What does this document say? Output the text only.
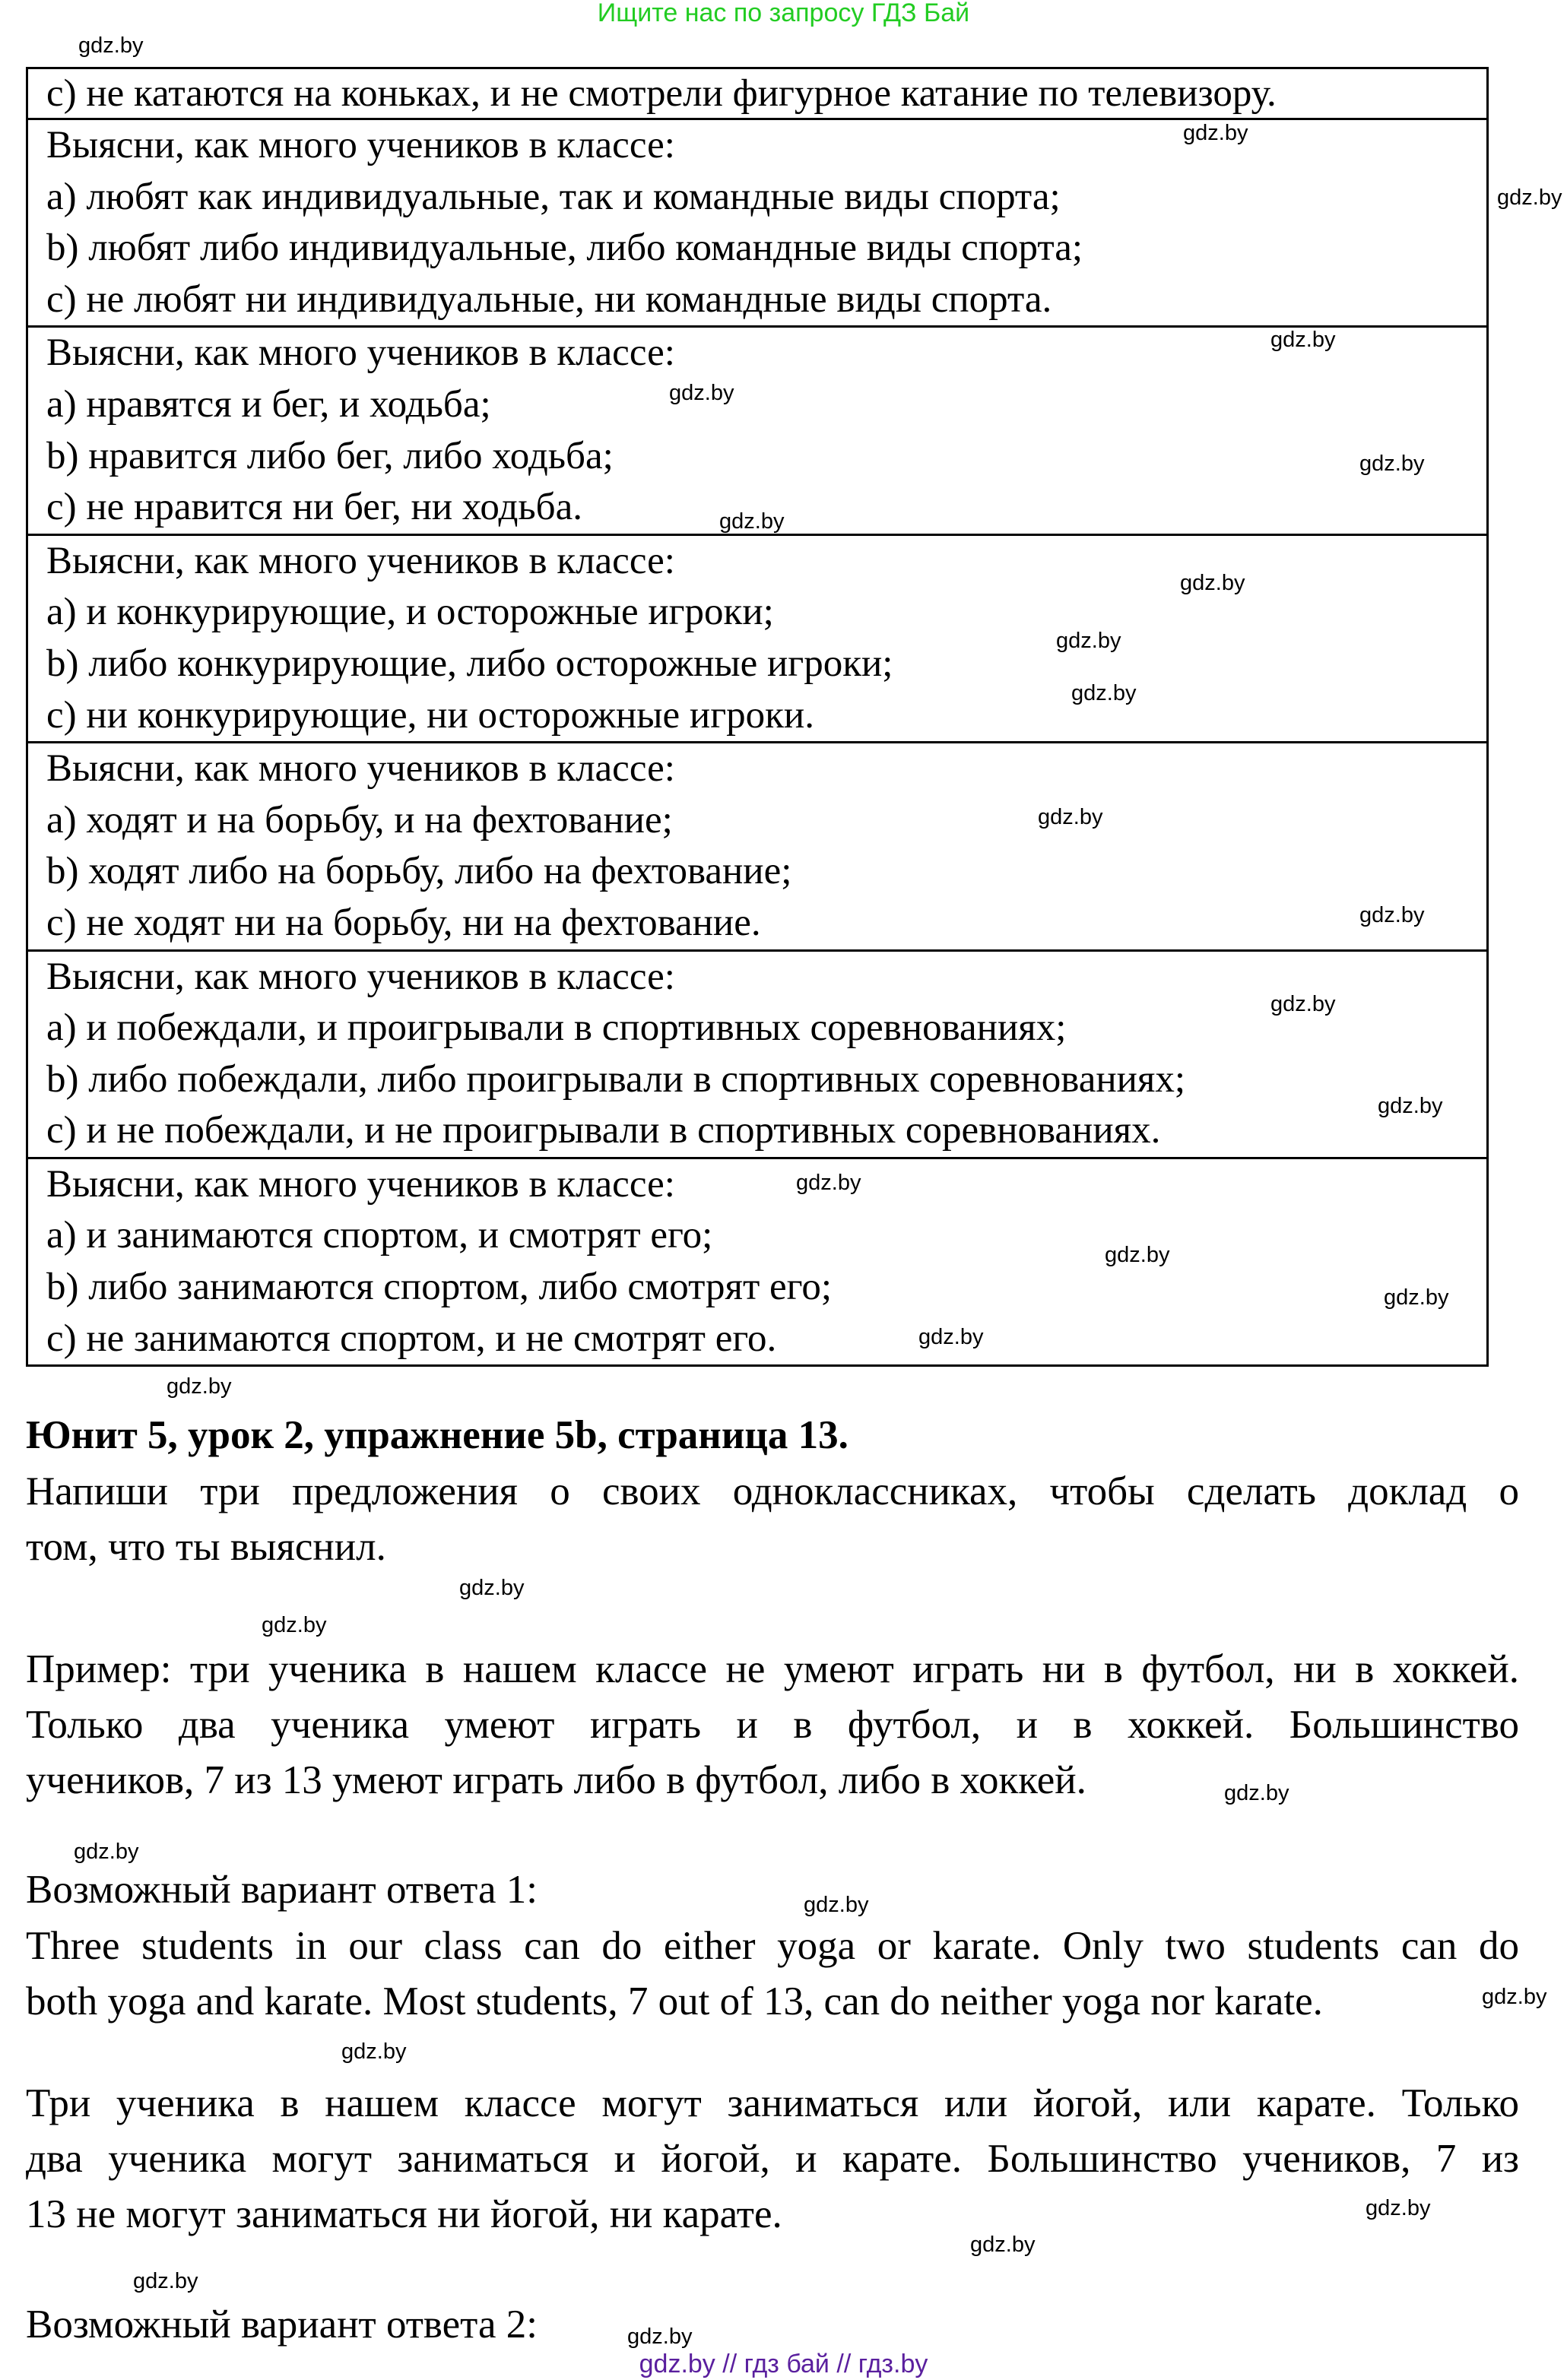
Ищите нас по запросу ГДЗ Бай
c) не катаются на коньках, и не смотрели фигурное катание по телевизору.
Выясни, как много учеников в классе:
a) любят как индивидуальные, так и командные виды спорта;
b) любят либо индивидуальные, либо командные виды спорта;
c) не любят ни индивидуальные, ни командные виды спорта.
Выясни, как много учеников в классе:
a) нравятся и бег, и ходьба;
b) нравится либо бег, либо ходьба;
c) не нравится ни бег, ни ходьба.
Выясни, как много учеников в классе:
a) и конкурирующие, и осторожные игроки;
b) либо конкурирующие, либо осторожные игроки;
c) ни конкурирующие, ни осторожные игроки.
Выясни, как много учеников в классе:
a) ходят и на борьбу, и на фехтование;
b) ходят либо на борьбу, либо на фехтование;
c) не ходят ни на борьбу, ни на фехтование.
Выясни, как много учеников в классе:
a) и побеждали, и проигрывали в спортивных соревнованиях;
b) либо побеждали, либо проигрывали в спортивных соревнованиях;
c) и не побеждали, и не проигрывали в спортивных соревнованиях.
Выясни, как много учеников в классе:
a) и занимаются спортом, и смотрят его;
b) либо занимаются спортом, либо смотрят его;
c) не занимаются спортом, и не смотрят его.
Юнит 5, урок 2, упражнение 5b, страница 13.
Напиши три предложения о своих одноклассниках, чтобы сделать доклад о
том, что ты выяснил.
Пример: три ученика в нашем классе не умеют играть ни в футбол, ни в хоккей.
Только два ученика умеют играть и в футбол, и в хоккей. Большинство
учеников, 7 из 13 умеют играть либо в футбол, либо в хоккей.
Возможный вариант ответа 1:
Three students in our class can do either yoga or karate. Only two students can do
both yoga and karate. Most students, 7 out of 13, can do neither yoga nor karate.
Три ученика в нашем классе могут заниматься или йогой, или карате. Только
два ученика могут заниматься и йогой, и карате. Большинство учеников, 7 из
13 не могут заниматься ни йогой, ни карате.
Возможный вариант ответа 2:
gdz.by // гдз бай // гдз.by
gdz.by
gdz.by
gdz.by
gdz.by
gdz.by
gdz.by
gdz.by
gdz.by
gdz.by
gdz.by
gdz.by
gdz.by
gdz.by
gdz.by
gdz.by
gdz.by
gdz.by
gdz.by
gdz.by
gdz.by
gdz.by
gdz.by
gdz.by
gdz.by
gdz.by
gdz.by
gdz.by
gdz.by
gdz.by
gdz.by
